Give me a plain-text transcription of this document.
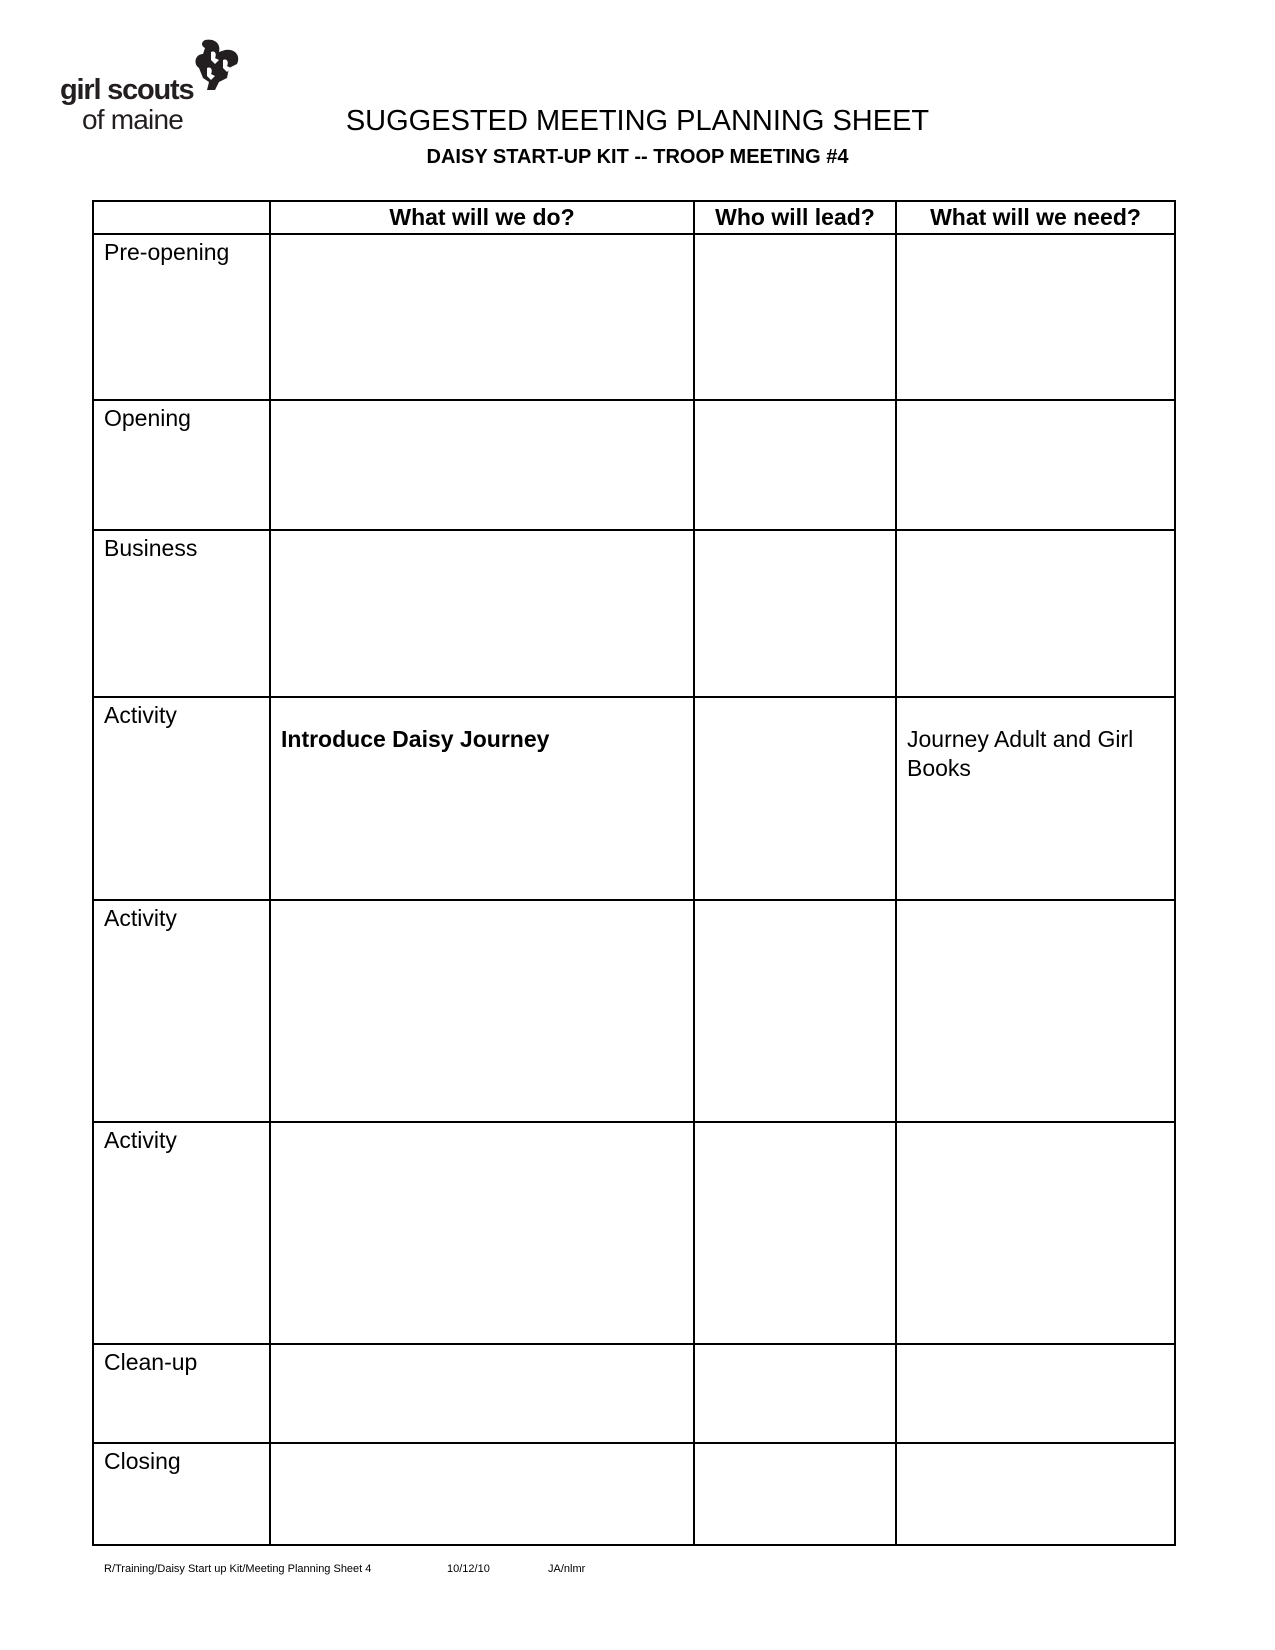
girl scouts
of maine	SUGGESTED MEETING PLANNING SHEET
DAISY START-UP KIT -- TROOP MEETING #4
	What will we do?	Who will lead?	What will we need?
Pre-opening			
Opening			
Business			
Activity	Introduce Daisy Journey		Journey Adult and Girl Books

Activity			
Activity			
Clean-up			
Closing			
R/Training/Daisy Start up Kit/Meeting Planning Sheet 4	10/12/10	JA/nlmr
